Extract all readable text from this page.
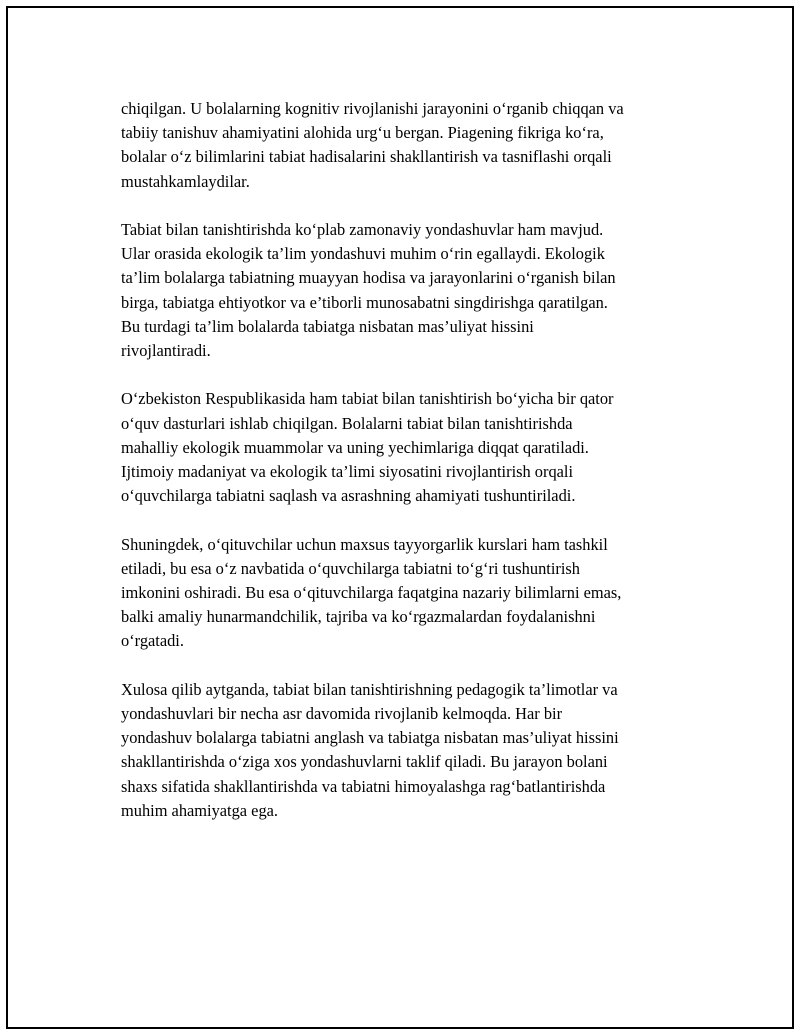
chiqilgan. U bolalarning kognitiv rivojlanishi jarayonini o‘rganib chiqqan va
tabiiy tanishuv ahamiyatini alohida urg‘u bergan. Piagening fikriga ko‘ra,
bolalar o‘z bilimlarini tabiat hadisalarini shakllantirish va tasniflashi orqali
mustahkamlaydilar.

Tabiat bilan tanishtirishda ko‘plab zamonaviy yondashuvlar ham mavjud.
Ular orasida ekologik ta’lim yondashuvi muhim o‘rin egallaydi. Ekologik
ta’lim bolalarga tabiatning muayyan hodisa va jarayonlarini o‘rganish bilan
birga, tabiatga ehtiyotkor va e’tiborli munosabatni singdirishga qaratilgan.
Bu turdagi ta’lim bolalarda tabiatga nisbatan mas’uliyat hissini
rivojlantiradi.

O‘zbekiston Respublikasida ham tabiat bilan tanishtirish bo‘yicha bir qator
o‘quv dasturlari ishlab chiqilgan. Bolalarni tabiat bilan tanishtirishda
mahalliy ekologik muammolar va uning yechimlariga diqqat qaratiladi.
Ijtimoiy madaniyat va ekologik ta’limi siyosatini rivojlantirish orqali
o‘quvchilarga tabiatni saqlash va asrashning ahamiyati tushuntiriladi.

Shuningdek, o‘qituvchilar uchun maxsus tayyorgarlik kurslari ham tashkil
etiladi, bu esa o‘z navbatida o‘quvchilarga tabiatni to‘g‘ri tushuntirish
imkonini oshiradi. Bu esa o‘qituvchilarga faqatgina nazariy bilimlarni emas,
balki amaliy hunarmandchilik, tajriba va ko‘rgazmalardan foydalanishni
o‘rgatadi.

Xulosa qilib aytganda, tabiat bilan tanishtirishning pedagogik ta’limotlar va
yondashuvlari bir necha asr davomida rivojlanib kelmoqda. Har bir
yondashuv bolalarga tabiatni anglash va tabiatga nisbatan mas’uliyat hissini
shakllantirishda o‘ziga xos yondashuvlarni taklif qiladi. Bu jarayon bolani
shaxs sifatida shakllantirishda va tabiatni himoyalashga rag‘batlantirishda
muhim ahamiyatga ega.
